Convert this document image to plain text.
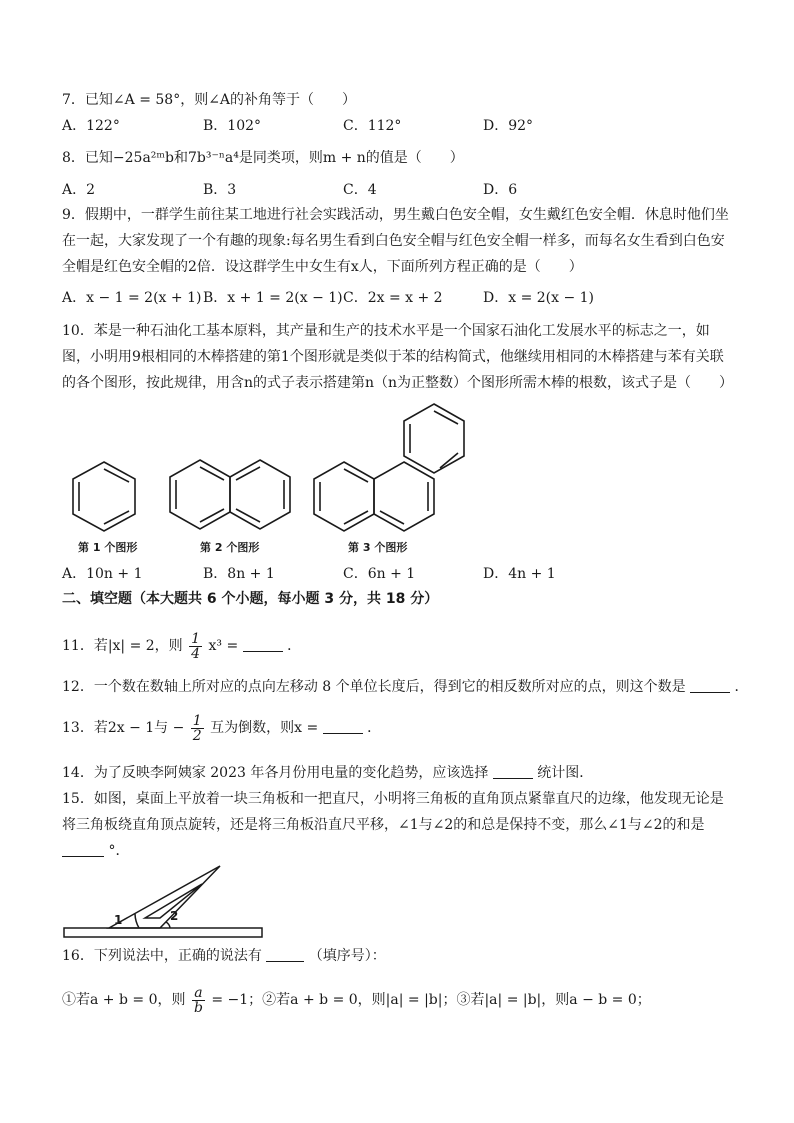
7．已知∠A = 58°，则∠A的补角等于（　　）
A．122°	B．102°	C．112°	D．92°
8．已知−25a²ᵐb和7b³⁻ⁿa⁴是同类项，则m + n的值是（　　）
A．2	B．3	C．4	D．6
9．假期中，一群学生前往某工地进行社会实践活动，男生戴白色安全帽，女生戴红色安全帽．休息时他们坐在一起，大家发现了一个有趣的现象:每名男生看到白色安全帽与红色安全帽一样多，而每名女生看到白色安全帽是红色安全帽的2倍．设这群学生中女生有x人，下面所列方程正确的是（　　）
A．x − 1 = 2(x + 1) B．x + 1 = 2(x − 1) C．2x = x + 2	D．x = 2(x − 1)
10．苯是一种石油化工基本原料，其产量和生产的技术水平是一个国家石油化工发展水平的标志之一，如图，小明用9根相同的木棒搭建的第1个图形就是类似于苯的结构简式，他继续用相同的木棒搭建与苯有关联的各个图形，按此规律，用含n的式子表示搭建第n（n为正整数）个图形所需木棒的根数，该式子是（　　）
第 1 个图形	第 2 个图形	第 3 个图形
A．10n + 1	B．8n + 1	C．6n + 1	D．4n + 1
二、填空题（本大题共 6 个小题，每小题 3 分，共 18 分）
11．若|x| = 2，则 $\frac{1}{4} x^3$ =	．
12．一个数在数轴上所对应的点向左移动 8 个单位长度后，得到它的相反数所对应的点，则这个数是	．
13．若2x − 1与 − $\frac{1}{2}$ 互为倒数，则x =	．
14．为了反映李阿姨家 2023 年各月份用电量的变化趋势，应该选择	统计图．
15．如图，桌面上平放着一块三角板和一把直尺，小明将三角板的直角顶点紧靠直尺的边缘，他发现无论是将三角板绕直角顶点旋转，还是将三角板沿直尺平移，∠1与∠2的和总是保持不变，那么∠1与∠2的和是  °．
1	2
16．下列说法中，正确的说法有	（填序号）：
①若a + b = 0，则 $\frac{a}{b} = -1$；②若a + b = 0，则|a| = |b|；③若|a| = |b|，则a − b = 0；
